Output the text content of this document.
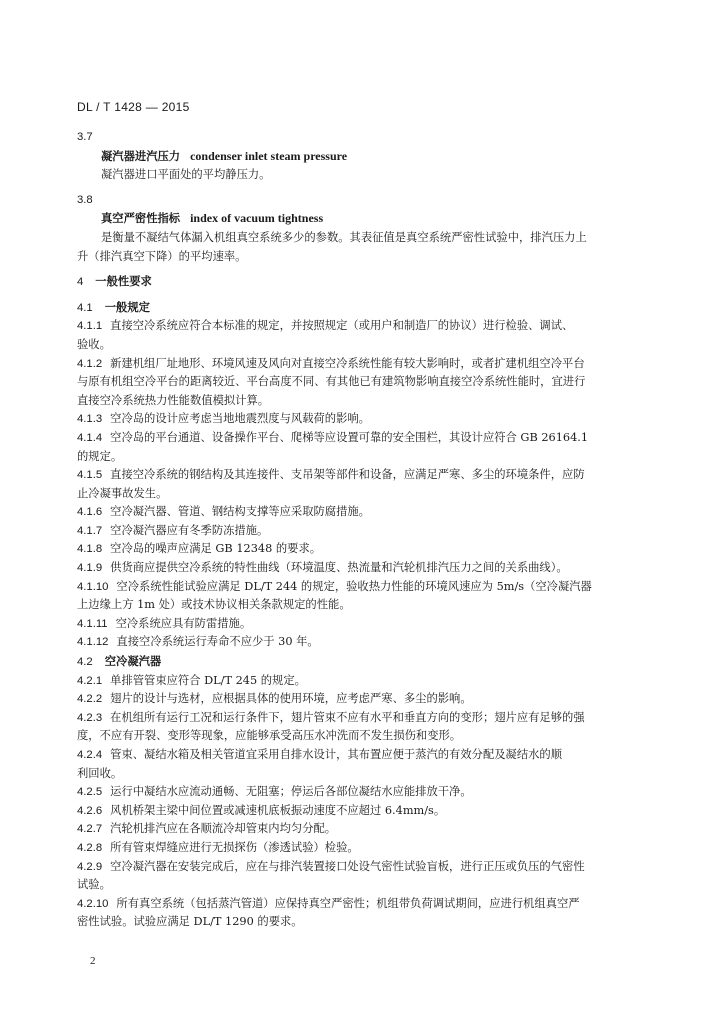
DL / T 1428 — 2015

3.7

凝汽器进汽压力 condenser inlet steam pressure

凝汽器进口平面处的平均静压力。

3.8

真空严密性指标 index of vacuum tightness

是衡量不凝结气体漏入机组真空系统多少的参数。其表征值是真空系统严密性试验中，排汽压力上

升（排汽真空下降）的平均速率。

4 一般性要求

4.1 一般规定

4.1.1 直接空冷系统应符合本标准的规定，并按照规定（或用户和制造厂的协议）进行检验、调试、

验收。

4.1.2 新建机组厂址地形、环境风速及风向对直接空冷系统性能有较大影响时，或者扩建机组空冷平台

与原有机组空冷平台的距离较近、平台高度不同、有其他已有建筑物影响直接空冷系统性能时，宜进行

直接空冷系统热力性能数值模拟计算。

4.1.3 空冷岛的设计应考虑当地地震烈度与风载荷的影响。

4.1.4 空冷岛的平台通道、设备操作平台、爬梯等应设置可靠的安全围栏，其设计应符合 GB 26164.1

的规定。

4.1.5 直接空冷系统的钢结构及其连接件、支吊架等部件和设备，应满足严寒、多尘的环境条件，应防

止冷凝事故发生。

4.1.6 空冷凝汽器、管道、钢结构支撑等应采取防腐措施。

4.1.7 空冷凝汽器应有冬季防冻措施。

4.1.8 空冷岛的噪声应满足 GB 12348 的要求。

4.1.9 供货商应提供空冷系统的特性曲线（环境温度、热流量和汽轮机排汽压力之间的关系曲线）。

4.1.10 空冷系统性能试验应满足 DL/T 244 的规定，验收热力性能的环境风速应为 5m/s（空冷凝汽器

上边缘上方 1m 处）或技术协议相关条款规定的性能。

4.1.11 空冷系统应具有防雷措施。

4.1.12 直接空冷系统运行寿命不应少于 30 年。

4.2 空冷凝汽器

4.2.1 单排管管束应符合 DL/T 245 的规定。

4.2.2 翅片的设计与选材，应根据具体的使用环境，应考虑严寒、多尘的影响。

4.2.3 在机组所有运行工况和运行条件下，翅片管束不应有水平和垂直方向的变形；翅片应有足够的强

度，不应有开裂、变形等现象，应能够承受高压水冲洗而不发生损伤和变形。

4.2.4 管束、凝结水箱及相关管道宜采用自排水设计，其布置应便于蒸汽的有效分配及凝结水的顺

利回收。

4.2.5 运行中凝结水应流动通畅、无阻塞；停运后各部位凝结水应能排放干净。

4.2.6 风机桥架主梁中间位置或减速机底板振动速度不应超过 6.4mm/s。

4.2.7 汽轮机排汽应在各顺流冷却管束内均匀分配。

4.2.8 所有管束焊缝应进行无损探伤（渗透试验）检验。

4.2.9 空冷凝汽器在安装完成后，应在与排汽装置接口处设气密性试验盲板，进行正压或负压的气密性

试验。

4.2.10 所有真空系统（包括蒸汽管道）应保持真空严密性；机组带负荷调试期间，应进行机组真空严

密性试验。试验应满足 DL/T 1290 的要求。

2
